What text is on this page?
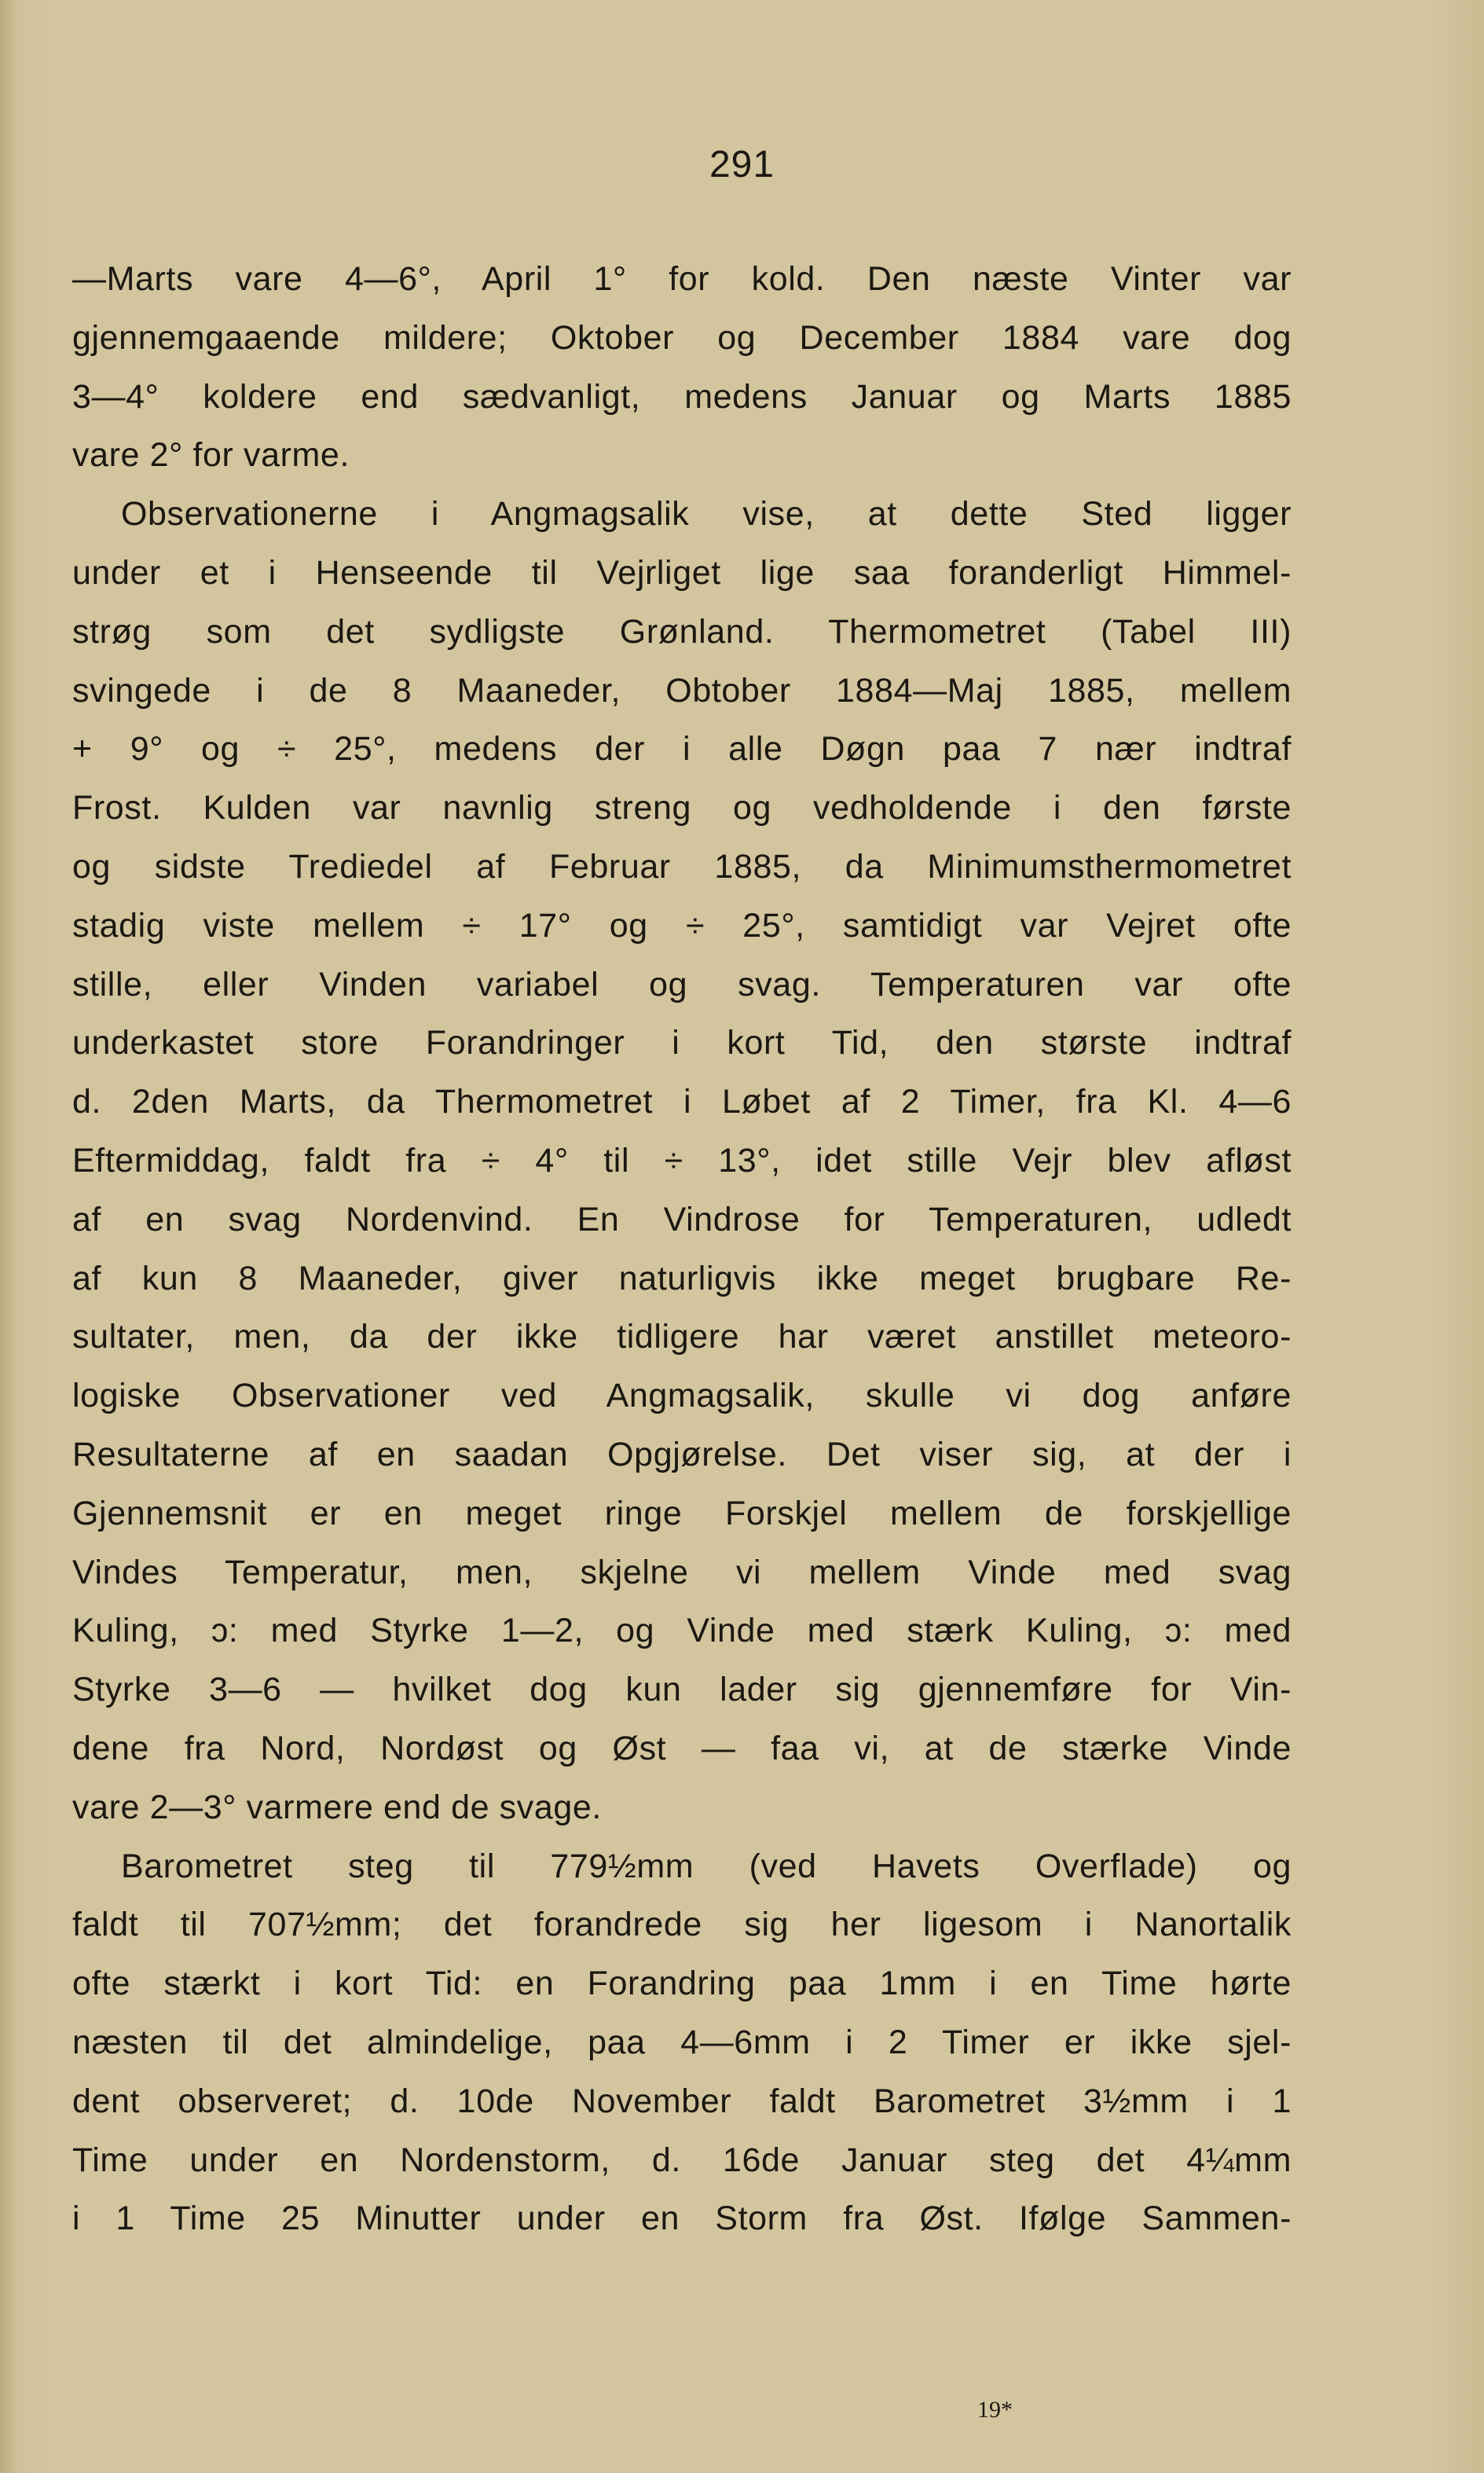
291
—Marts vare 4—6°, April 1° for kold. Den næste Vinter var
gjennemgaaende mildere; Oktober og December 1884 vare dog
3—4° koldere end sædvanligt, medens Januar og Marts 1885
vare 2° for varme.
Observationerne i Angmagsalik vise, at dette Sted ligger
under et i Henseende til Vejrliget lige saa foranderligt Himmel-
strøg som det sydligste Grønland. Thermometret (Tabel III)
svingede i de 8 Maaneder, Obtober 1884—Maj 1885, mellem
+ 9° og ÷ 25°, medens der i alle Døgn paa 7 nær indtraf
Frost. Kulden var navnlig streng og vedholdende i den første
og sidste Trediedel af Februar 1885, da Minimumsthermometret
stadig viste mellem ÷ 17° og ÷ 25°, samtidigt var Vejret ofte
stille, eller Vinden variabel og svag. Temperaturen var ofte
underkastet store Forandringer i kort Tid, den største indtraf
d. 2den Marts, da Thermometret i Løbet af 2 Timer, fra Kl. 4—6
Eftermiddag, faldt fra ÷ 4° til ÷ 13°, idet stille Vejr blev afløst
af en svag Nordenvind. En Vindrose for Temperaturen, udledt
af kun 8 Maaneder, giver naturligvis ikke meget brugbare Re-
sultater, men, da der ikke tidligere har været anstillet meteoro-
logiske Observationer ved Angmagsalik, skulle vi dog anføre
Resultaterne af en saadan Opgjørelse. Det viser sig, at der i
Gjennemsnit er en meget ringe Forskjel mellem de forskjellige
Vindes Temperatur, men, skjelne vi mellem Vinde med svag
Kuling, ɔ: med Styrke 1—2, og Vinde med stærk Kuling, ɔ: med
Styrke 3—6 — hvilket dog kun lader sig gjennemføre for Vin-
dene fra Nord, Nordøst og Øst — faa vi, at de stærke Vinde
vare 2—3° varmere end de svage.
Barometret steg til 779½mm (ved Havets Overflade) og
faldt til 707½mm; det forandrede sig her ligesom i Nanortalik
ofte stærkt i kort Tid: en Forandring paa 1mm i en Time hørte
næsten til det almindelige, paa 4—6mm i 2 Timer er ikke sjel-
dent observeret; d. 10de November faldt Barometret 3½mm i 1
Time under en Nordenstorm, d. 16de Januar steg det 4¼mm
i 1 Time 25 Minutter under en Storm fra Øst. Ifølge Sammen-
19*
